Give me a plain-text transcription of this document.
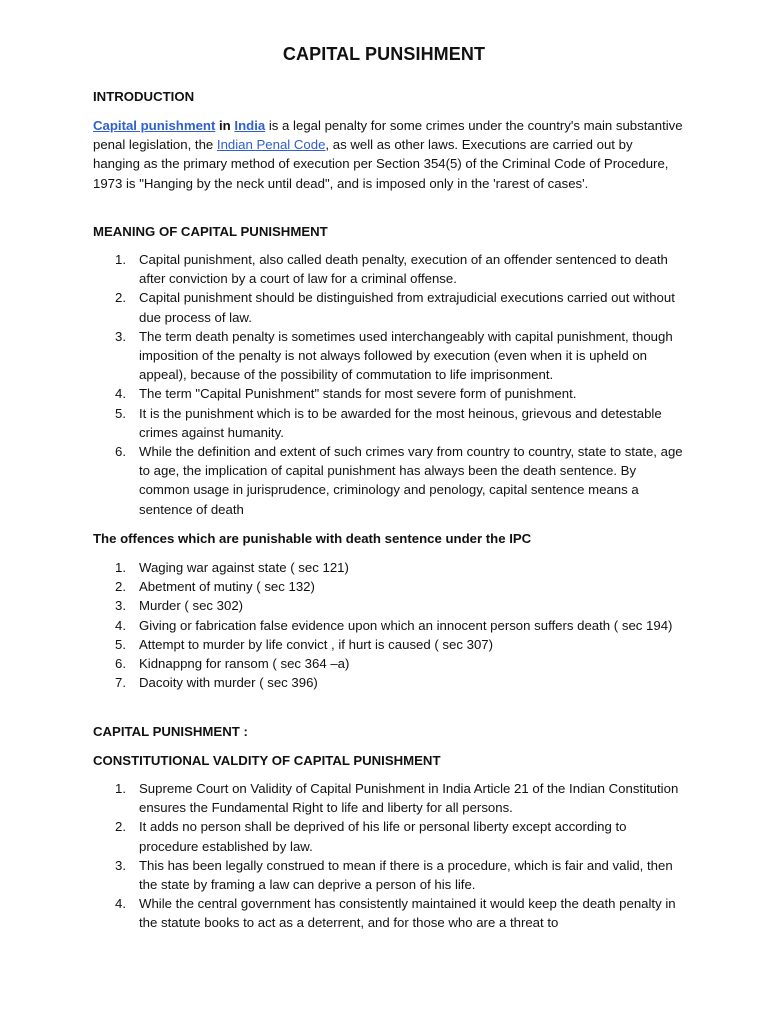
CAPITAL PUNSIHMENT

INTRODUCTION

Capital punishment in India is a legal penalty for some crimes under the country's main substantive penal legislation, the Indian Penal Code, as well as other laws. Executions are carried out by hanging as the primary method of execution per Section 354(5) of the Criminal Code of Procedure, 1973 is "Hanging by the neck until dead", and is imposed only in the 'rarest of cases'.

MEANING OF CAPITAL PUNISHMENT

1. Capital punishment, also called death penalty, execution of an offender sentenced to death after conviction by a court of law for a criminal offense.
2. Capital punishment should be distinguished from extrajudicial executions carried out without due process of law.
3. The term death penalty is sometimes used interchangeably with capital punishment, though imposition of the penalty is not always followed by execution (even when it is upheld on appeal), because of the possibility of commutation to life imprisonment.
4. The term "Capital Punishment" stands for most severe form of punishment.
5. It is the punishment which is to be awarded for the most heinous, grievous and detestable crimes against humanity.
6. While the definition and extent of such crimes vary from country to country, state to state, age to age, the implication of capital punishment has always been the death sentence. By common usage in jurisprudence, criminology and penology, capital sentence means a sentence of death

The offences which are punishable with death sentence under the IPC

1. Waging war against state ( sec 121)
2. Abetment of mutiny ( sec 132)
3. Murder ( sec 302)
4. Giving or fabrication false evidence upon which an innocent person suffers death ( sec 194)
5. Attempt to murder by life convict , if hurt is caused ( sec 307)
6. Kidnappng for ransom ( sec 364 –a)
7. Dacoity with murder ( sec 396)

CAPITAL PUNISHMENT :

CONSTITUTIONAL VALDITY OF CAPITAL PUNISHMENT

1. Supreme Court on Validity of Capital Punishment in India Article 21 of the Indian Constitution ensures the Fundamental Right to life and liberty for all persons.
2. It adds no person shall be deprived of his life or personal liberty except according to procedure established by law.
3. This has been legally construed to mean if there is a procedure, which is fair and valid, then the state by framing a law can deprive a person of his life.
4. While the central government has consistently maintained it would keep the death penalty in the statute books to act as a deterrent, and for those who are a threat to
